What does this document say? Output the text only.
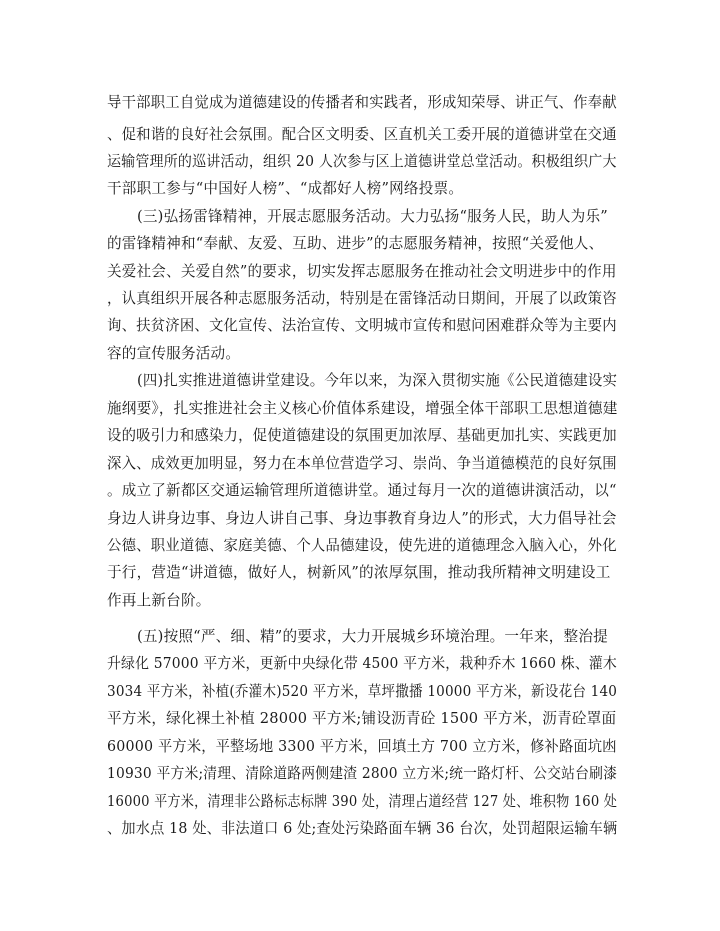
导干部职工自觉成为道德建设的传播者和实践者，形成知荣辱、讲正气、作奉献
、促和谐的良好社会氛围。配合区文明委、区直机关工委开展的道德讲堂在交通
运输管理所的巡讲活动，组织 20 人次参与区上道德讲堂总堂活动。积极组织广大
干部职工参与“中国好人榜”、“成都好人榜”网络投票。
(三)弘扬雷锋精神，开展志愿服务活动。大力弘扬“服务人民，助人为乐”
的雷锋精神和“奉献、友爱、互助、进步”的志愿服务精神，按照“关爱他人、
关爱社会、关爱自然”的要求，切实发挥志愿服务在推动社会文明进步中的作用
，认真组织开展各种志愿服务活动，特别是在雷锋活动日期间，开展了以政策咨
询、扶贫济困、文化宣传、法治宣传、文明城市宣传和慰问困难群众等为主要内
容的宣传服务活动。
(四)扎实推进道德讲堂建设。今年以来，为深入贯彻实施《公民道德建设实
施纲要》，扎实推进社会主义核心价值体系建设，增强全体干部职工思想道德建
设的吸引力和感染力，促使道德建设的氛围更加浓厚、基础更加扎实、实践更加
深入、成效更加明显，努力在本单位营造学习、崇尚、争当道德模范的良好氛围
。成立了新都区交通运输管理所道德讲堂。通过每月一次的道德讲演活动，以“
身边人讲身边事、身边人讲自己事、身边事教育身边人”的形式，大力倡导社会
公德、职业道德、家庭美德、个人品德建设，使先进的道德理念入脑入心，外化
于行，营造“讲道德，做好人，树新风”的浓厚氛围，推动我所精神文明建设工
作再上新台阶。
(五)按照“严、细、精”的要求，大力开展城乡环境治理。一年来，整治提
升绿化 57000 平方米，更新中央绿化带 4500 平方米，栽种乔木 1660 株、灌木
3034 平方米，补植(乔灌木)520 平方米，草坪撒播 10000 平方米，新设花台 140
平方米，绿化裸土补植 28000 平方米;铺设沥青砼 1500 平方米，沥青砼罩面
60000 平方米，平整场地 3300 平方米，回填土方 700 立方米，修补路面坑凼
10930 平方米;清理、清除道路两侧建渣 2800 立方米;统一路灯杆、公交站台刷漆
16000 平方米，清理非公路标志标牌 390 处，清理占道经营 127 处、堆积物 160 处
、加水点 18 处、非法道口 6 处;查处污染路面车辆 36 台次，处罚超限运输车辆
